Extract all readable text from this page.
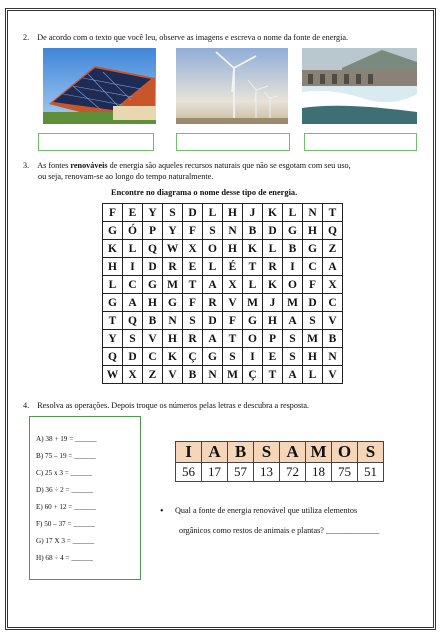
2. De acordo com o texto que você leu, observe as imagens e escreva o nome da fonte de energia.
3. As fontes renováveis de energia são aqueles recursos naturais que não se esgotam com seu uso,
ou seja, renovam-se ao longo do tempo naturalmente.
Encontre no diagrama o nome desse tipo de energia.
F	E	Y	S	D	L	H	J	K	L	N	T
G	Ó	P	Y	F	S	N	B	D	G	H	Q
K	L	Q	W	X	O	H	K	L	B	G	Z
H	I	D	R	E	L	É	T	R	I	C	A
L	C	G	M	T	A	X	L	K	O	F	X
G	A	H	G	F	R	V	M	J	M	D	C
T	Q	B	N	S	D	F	G	H	A	S	V
Y	S	V	H	R	A	T	O	P	S	M	B
Q	D	C	K	Ç	G	S	I	E	S	H	N
W	X	Z	V	B	N	M	Ç	T	A	L	V
4. Resolva as operações. Depois troque os números pelas letras e descubra a resposta.
A) 38 + 19 = ______
B) 75 – 19 = ______
C) 25 x 3 = ______
D) 36 ÷ 2 = ______
E) 60 + 12 = ______
F) 50 – 37 = ______
G) 17 X 3 = ______
H) 68 ÷ 4 = ______
I	A	B	S	A	M	O	S
56	17	57	13	72	18	75	51
• Qual a fonte de energia renovável que utiliza elementos
orgânicos como restos de animais e plantas? _____________
